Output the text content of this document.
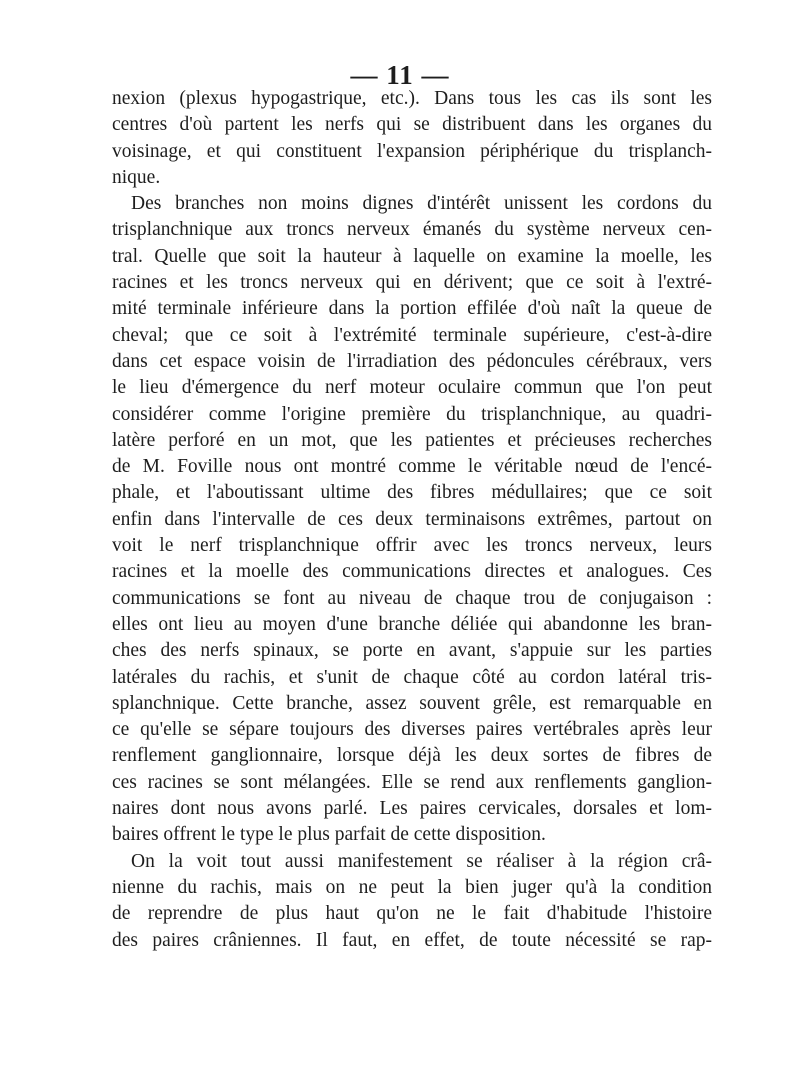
— 11 —
nexion (plexus hypogastrique, etc.). Dans tous les cas ils sont les
centres d'où partent les nerfs qui se distribuent dans les organes du
voisinage, et qui constituent l'expansion périphérique du trisplanch-
nique.
Des branches non moins dignes d'intérêt unissent les cordons du
trisplanchnique aux troncs nerveux émanés du système nerveux cen-
tral. Quelle que soit la hauteur à laquelle on examine la moelle, les
racines et les troncs nerveux qui en dérivent; que ce soit à l'extré-
mité terminale inférieure dans la portion effilée d'où naît la queue de
cheval; que ce soit à l'extrémité terminale supérieure, c'est-à-dire
dans cet espace voisin de l'irradiation des pédoncules cérébraux, vers
le lieu d'émergence du nerf moteur oculaire commun que l'on peut
considérer comme l'origine première du trisplanchnique, au quadri-
latère perforé en un mot, que les patientes et précieuses recherches
de M. Foville nous ont montré comme le véritable nœud de l'encé-
phale, et l'aboutissant ultime des fibres médullaires; que ce soit
enfin dans l'intervalle de ces deux terminaisons extrêmes, partout on
voit le nerf trisplanchnique offrir avec les troncs nerveux, leurs
racines et la moelle des communications directes et analogues. Ces
communications se font au niveau de chaque trou de conjugaison :
elles ont lieu au moyen d'une branche déliée qui abandonne les bran-
ches des nerfs spinaux, se porte en avant, s'appuie sur les parties
latérales du rachis, et s'unit de chaque côté au cordon latéral tris-
splanchnique. Cette branche, assez souvent grêle, est remarquable en
ce qu'elle se sépare toujours des diverses paires vertébrales après leur
renflement ganglionnaire, lorsque déjà les deux sortes de fibres de
ces racines se sont mélangées. Elle se rend aux renflements ganglion-
naires dont nous avons parlé. Les paires cervicales, dorsales et lom-
baires offrent le type le plus parfait de cette disposition.
On la voit tout aussi manifestement se réaliser à la région crâ-
nienne du rachis, mais on ne peut la bien juger qu'à la condition
de reprendre de plus haut qu'on ne le fait d'habitude l'histoire
des paires crâniennes. Il faut, en effet, de toute nécessité se rap-
